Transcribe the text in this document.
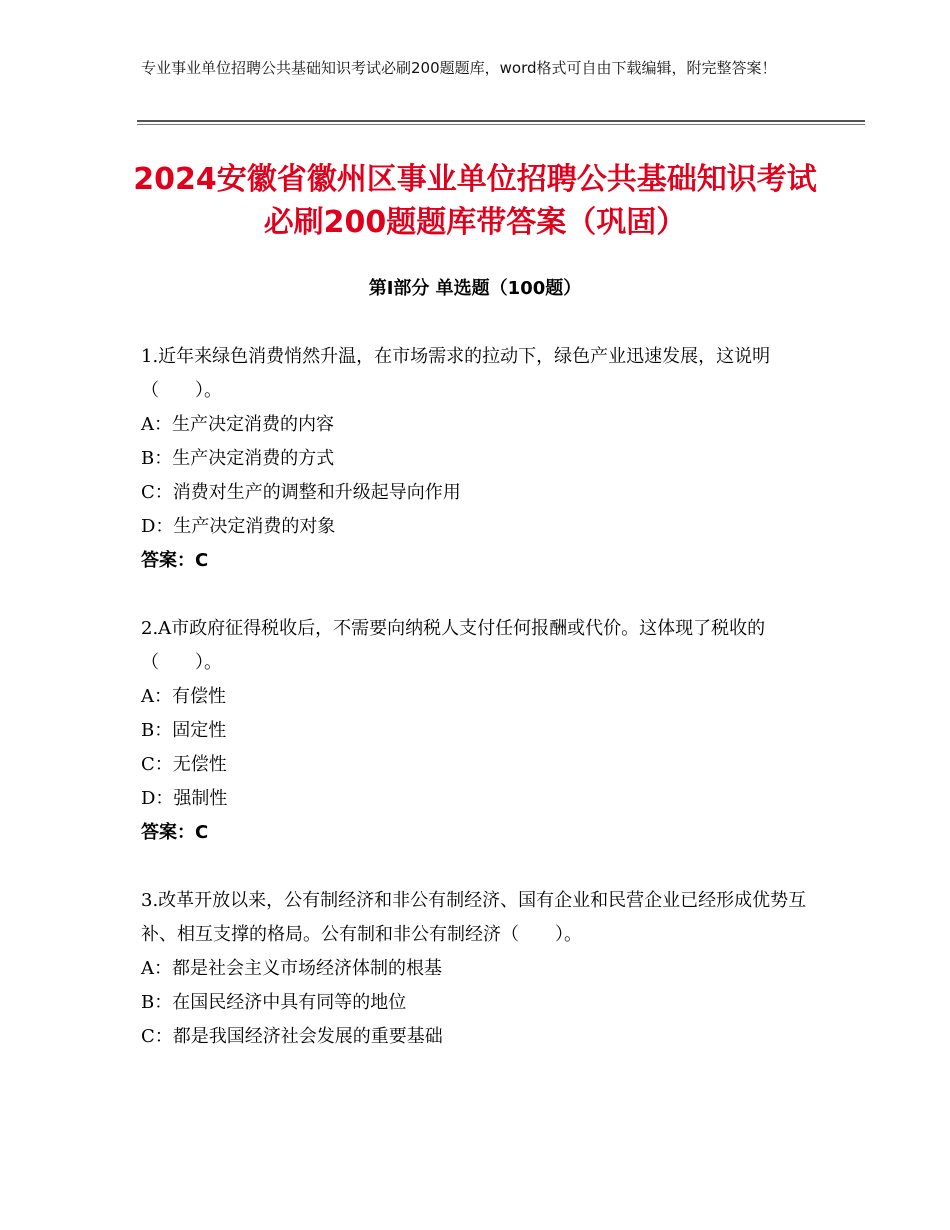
专业事业单位招聘公共基础知识考试必刷200题题库，word格式可自由下载编辑，附完整答案！
2024安徽省徽州区事业单位招聘公共基础知识考试必刷200题题库带答案（巩固）
第Ⅰ部分 单选题（100题）

1.近年来绿色消费悄然升温，在市场需求的拉动下，绿色产业迅速发展，这说明（　　）。

A：生产决定消费的内容

B：生产决定消费的方式

C：消费对生产的调整和升级起导向作用

D：生产决定消费的对象

答案：C

2.A市政府征得税收后，不需要向纳税人支付任何报酬或代价。这体现了税收的（　　）。

A：有偿性

B：固定性

C：无偿性

D：强制性

答案：C

3.改革开放以来，公有制经济和非公有制经济、国有企业和民营企业已经形成优势互补、相互支撑的格局。公有制和非公有制经济（　　）。

A：都是社会主义市场经济体制的根基

B：在国民经济中具有同等的地位

C：都是我国经济社会发展的重要基础
